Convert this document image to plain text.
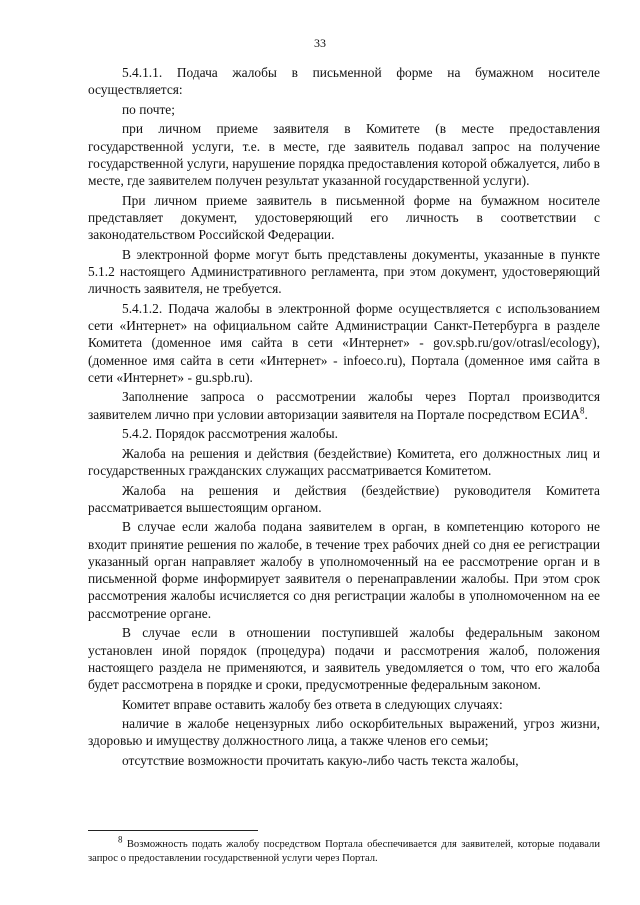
33

5.4.1.1. Подача жалобы в письменной форме на бумажном носителе осуществляется:

по почте;

при личном приеме заявителя в Комитете (в месте предоставления государственной услуги, т.е. в месте, где заявитель подавал запрос на получение государственной услуги, нарушение порядка предоставления которой обжалуется, либо в месте, где заявителем получен результат указанной государственной услуги).

При личном приеме заявитель в письменной форме на бумажном носителе представляет документ, удостоверяющий его личность в соответствии с законодательством Российской Федерации.

В электронной форме могут быть представлены документы, указанные в пункте 5.1.2 настоящего Административного регламента, при этом документ, удостоверяющий личность заявителя, не требуется.

5.4.1.2. Подача жалобы в электронной форме осуществляется с использованием сети «Интернет» на официальном сайте Администрации Санкт-Петербурга в разделе Комитета (доменное имя сайта в сети «Интернет» - gov.spb.ru/gov/otrasl/ecology), (доменное имя сайта в сети «Интернет» - infoeco.ru), Портала (доменное имя сайта в сети «Интернет» - gu.spb.ru).

Заполнение запроса о рассмотрении жалобы через Портал производится заявителем лично при условии авторизации заявителя на Портале посредством ЕСИА$^8$.

5.4.2. Порядок рассмотрения жалобы.

Жалоба на решения и действия (бездействие) Комитета, его должностных лиц и государственных гражданских служащих рассматривается Комитетом.

Жалоба на решения и действия (бездействие) руководителя Комитета рассматривается вышестоящим органом.

В случае если жалоба подана заявителем в орган, в компетенцию которого не входит принятие решения по жалобе, в течение трех рабочих дней со дня ее регистрации указанный орган направляет жалобу в уполномоченный на ее рассмотрение орган и в письменной форме информирует заявителя о перенаправлении жалобы. При этом срок рассмотрения жалобы исчисляется со дня регистрации жалобы в уполномоченном на ее рассмотрение органе.

В случае если в отношении поступившей жалобы федеральным законом установлен иной порядок (процедура) подачи и рассмотрения жалоб, положения настоящего раздела не применяются, и заявитель уведомляется о том, что его жалоба будет рассмотрена в порядке и сроки, предусмотренные федеральным законом.

Комитет вправе оставить жалобу без ответа в следующих случаях:

наличие в жалобе нецензурных либо оскорбительных выражений, угроз жизни, здоровью и имуществу должностного лица, а также членов его семьи;

отсутствие возможности прочитать какую-либо часть текста жалобы,

$^8$ Возможность подать жалобу посредством Портала обеспечивается для заявителей, которые подавали запрос о предоставлении государственной услуги через Портал.
